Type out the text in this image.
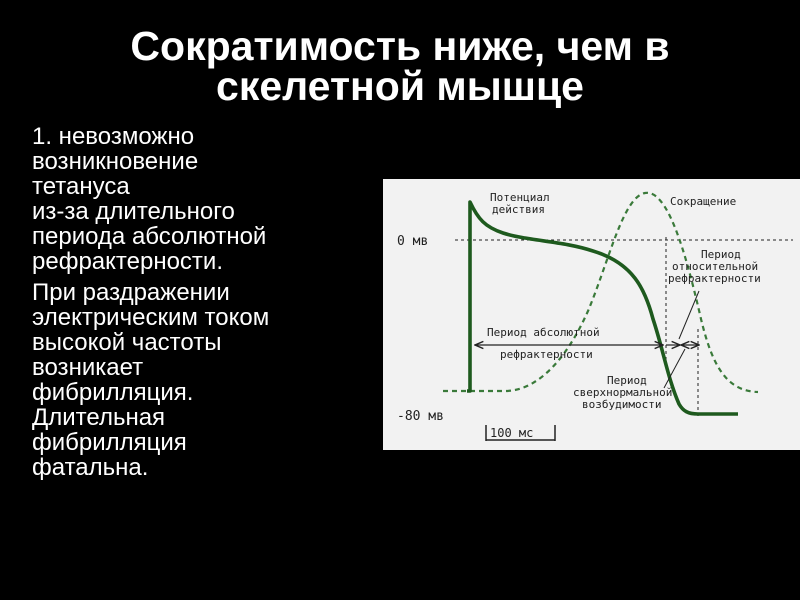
Сократимость ниже, чем в
скелетной мышце

1. невозможно
возникновение
тетануса
из-за длительного
периода абсолютной
рефрактерности.

При раздражении
электрическим током
высокой частоты
возникает
фибрилляция.
Длительная
фибрилляция
фатальна.

0 мв
-80 мв
100 мс
Потенциал
действия
Сокращение
Период
относительной
рефрактерности
Период абсолютной
рефрактерности
Период
сверхнормальной
возбудимости
